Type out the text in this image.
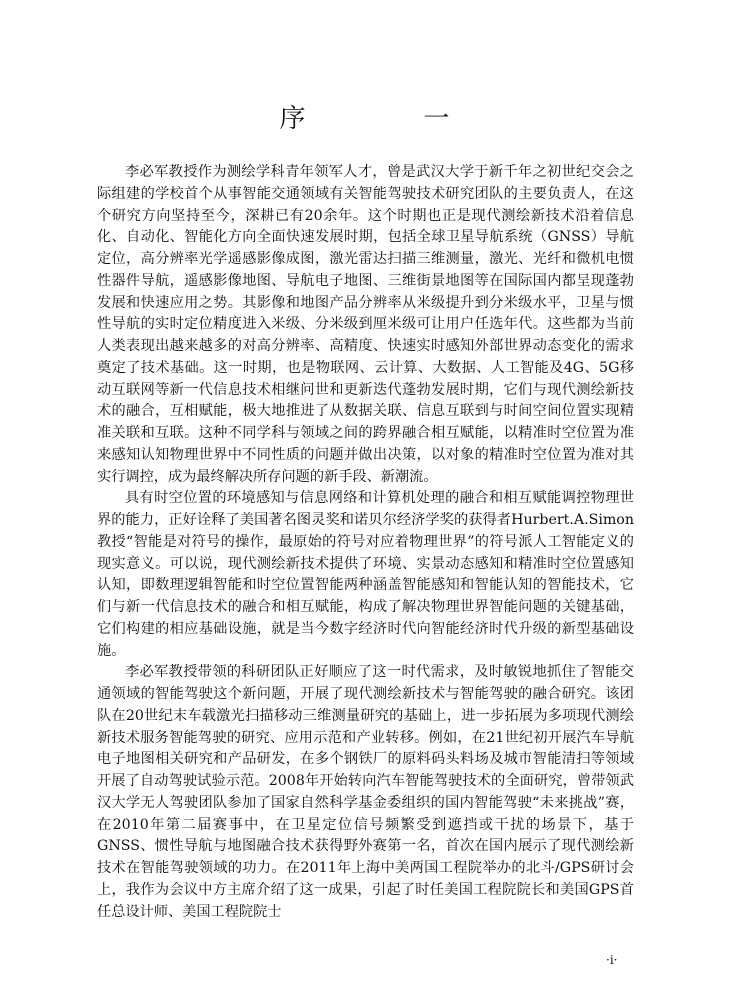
序　一

李必军教授作为测绘学科青年领军人才，曾是武汉大学于新千年之初世纪交会之际组建的学校首个从事智能交通领域有关智能驾驶技术研究团队的主要负责人，在这个研究方向坚持至今，深耕已有20余年。这个时期也正是现代测绘新技术沿着信息化、自动化、智能化方向全面快速发展时期，包括全球卫星导航系统（GNSS）导航定位，高分辨率光学遥感影像成图，激光雷达扫描三维测量，激光、光纤和微机电惯性器件导航，遥感影像地图、导航电子地图、三维街景地图等在国际国内都呈现蓬勃发展和快速应用之势。其影像和地图产品分辨率从米级提升到分米级水平，卫星与惯性导航的实时定位精度进入米级、分米级到厘米级可让用户任选年代。这些都为当前人类表现出越来越多的对高分辨率、高精度、快速实时感知外部世界动态变化的需求奠定了技术基础。这一时期，也是物联网、云计算、大数据、人工智能及4G、5G移动互联网等新一代信息技术相继问世和更新迭代蓬勃发展时期，它们与现代测绘新技术的融合，互相赋能，极大地推进了从数据关联、信息互联到与时间空间位置实现精准关联和互联。这种不同学科与领域之间的跨界融合相互赋能，以精准时空位置为准来感知认知物理世界中不同性质的问题并做出决策，以对象的精准时空位置为准对其实行调控，成为最终解决所存问题的新手段、新潮流。

具有时空位置的环境感知与信息网络和计算机处理的融合和相互赋能调控物理世界的能力，正好诠释了美国著名图灵奖和诺贝尔经济学奖的获得者Hurbert.A.Simon教授“智能是对符号的操作，最原始的符号对应着物理世界”的符号派人工智能定义的现实意义。可以说，现代测绘新技术提供了环境、实景动态感知和精准时空位置感知认知，即数理逻辑智能和时空位置智能两种涵盖智能感知和智能认知的智能技术，它们与新一代信息技术的融合和相互赋能，构成了解决物理世界智能问题的关键基础，它们构建的相应基础设施，就是当今数字经济时代向智能经济时代升级的新型基础设施。

李必军教授带领的科研团队正好顺应了这一时代需求，及时敏锐地抓住了智能交通领域的智能驾驶这个新问题，开展了现代测绘新技术与智能驾驶的融合研究。该团队在20世纪末车载激光扫描移动三维测量研究的基础上，进一步拓展为多项现代测绘新技术服务智能驾驶的研究、应用示范和产业转移。例如，在21世纪初开展汽车导航电子地图相关研究和产品研发，在多个钢铁厂的原料码头料场及城市智能清扫等领域开展了自动驾驶试验示范。2008年开始转向汽车智能驾驶技术的全面研究，曾带领武汉大学无人驾驶团队参加了国家自然科学基金委组织的国内智能驾驶“未来挑战”赛，在2010年第二届赛事中，在卫星定位信号频繁受到遮挡或干扰的场景下，基于GNSS、惯性导航与地图融合技术获得野外赛第一名，首次在国内展示了现代测绘新技术在智能驾驶领域的功力。在2011年上海中美两国工程院举办的北斗/GPS研讨会上，我作为会议中方主席介绍了这一成果，引起了时任美国工程院院长和美国GPS首任总设计师、美国工程院院士

·i·
